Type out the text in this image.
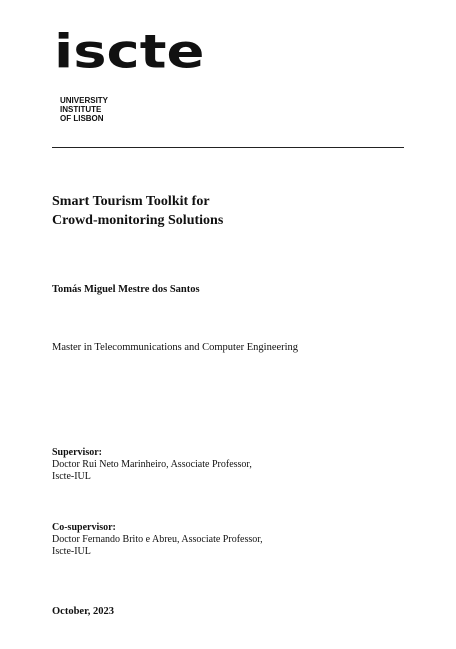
iscte
UNIVERSITY
INSTITUTE
OF LISBON
Smart Tourism Toolkit for
Crowd-monitoring Solutions
Tomás Miguel Mestre dos Santos
Master in Telecommunications and Computer Engineering
Supervisor:
Doctor Rui Neto Marinheiro, Associate Professor,
Iscte-IUL
Co-supervisor:
Doctor Fernando Brito e Abreu, Associate Professor,
Iscte-IUL
October, 2023
